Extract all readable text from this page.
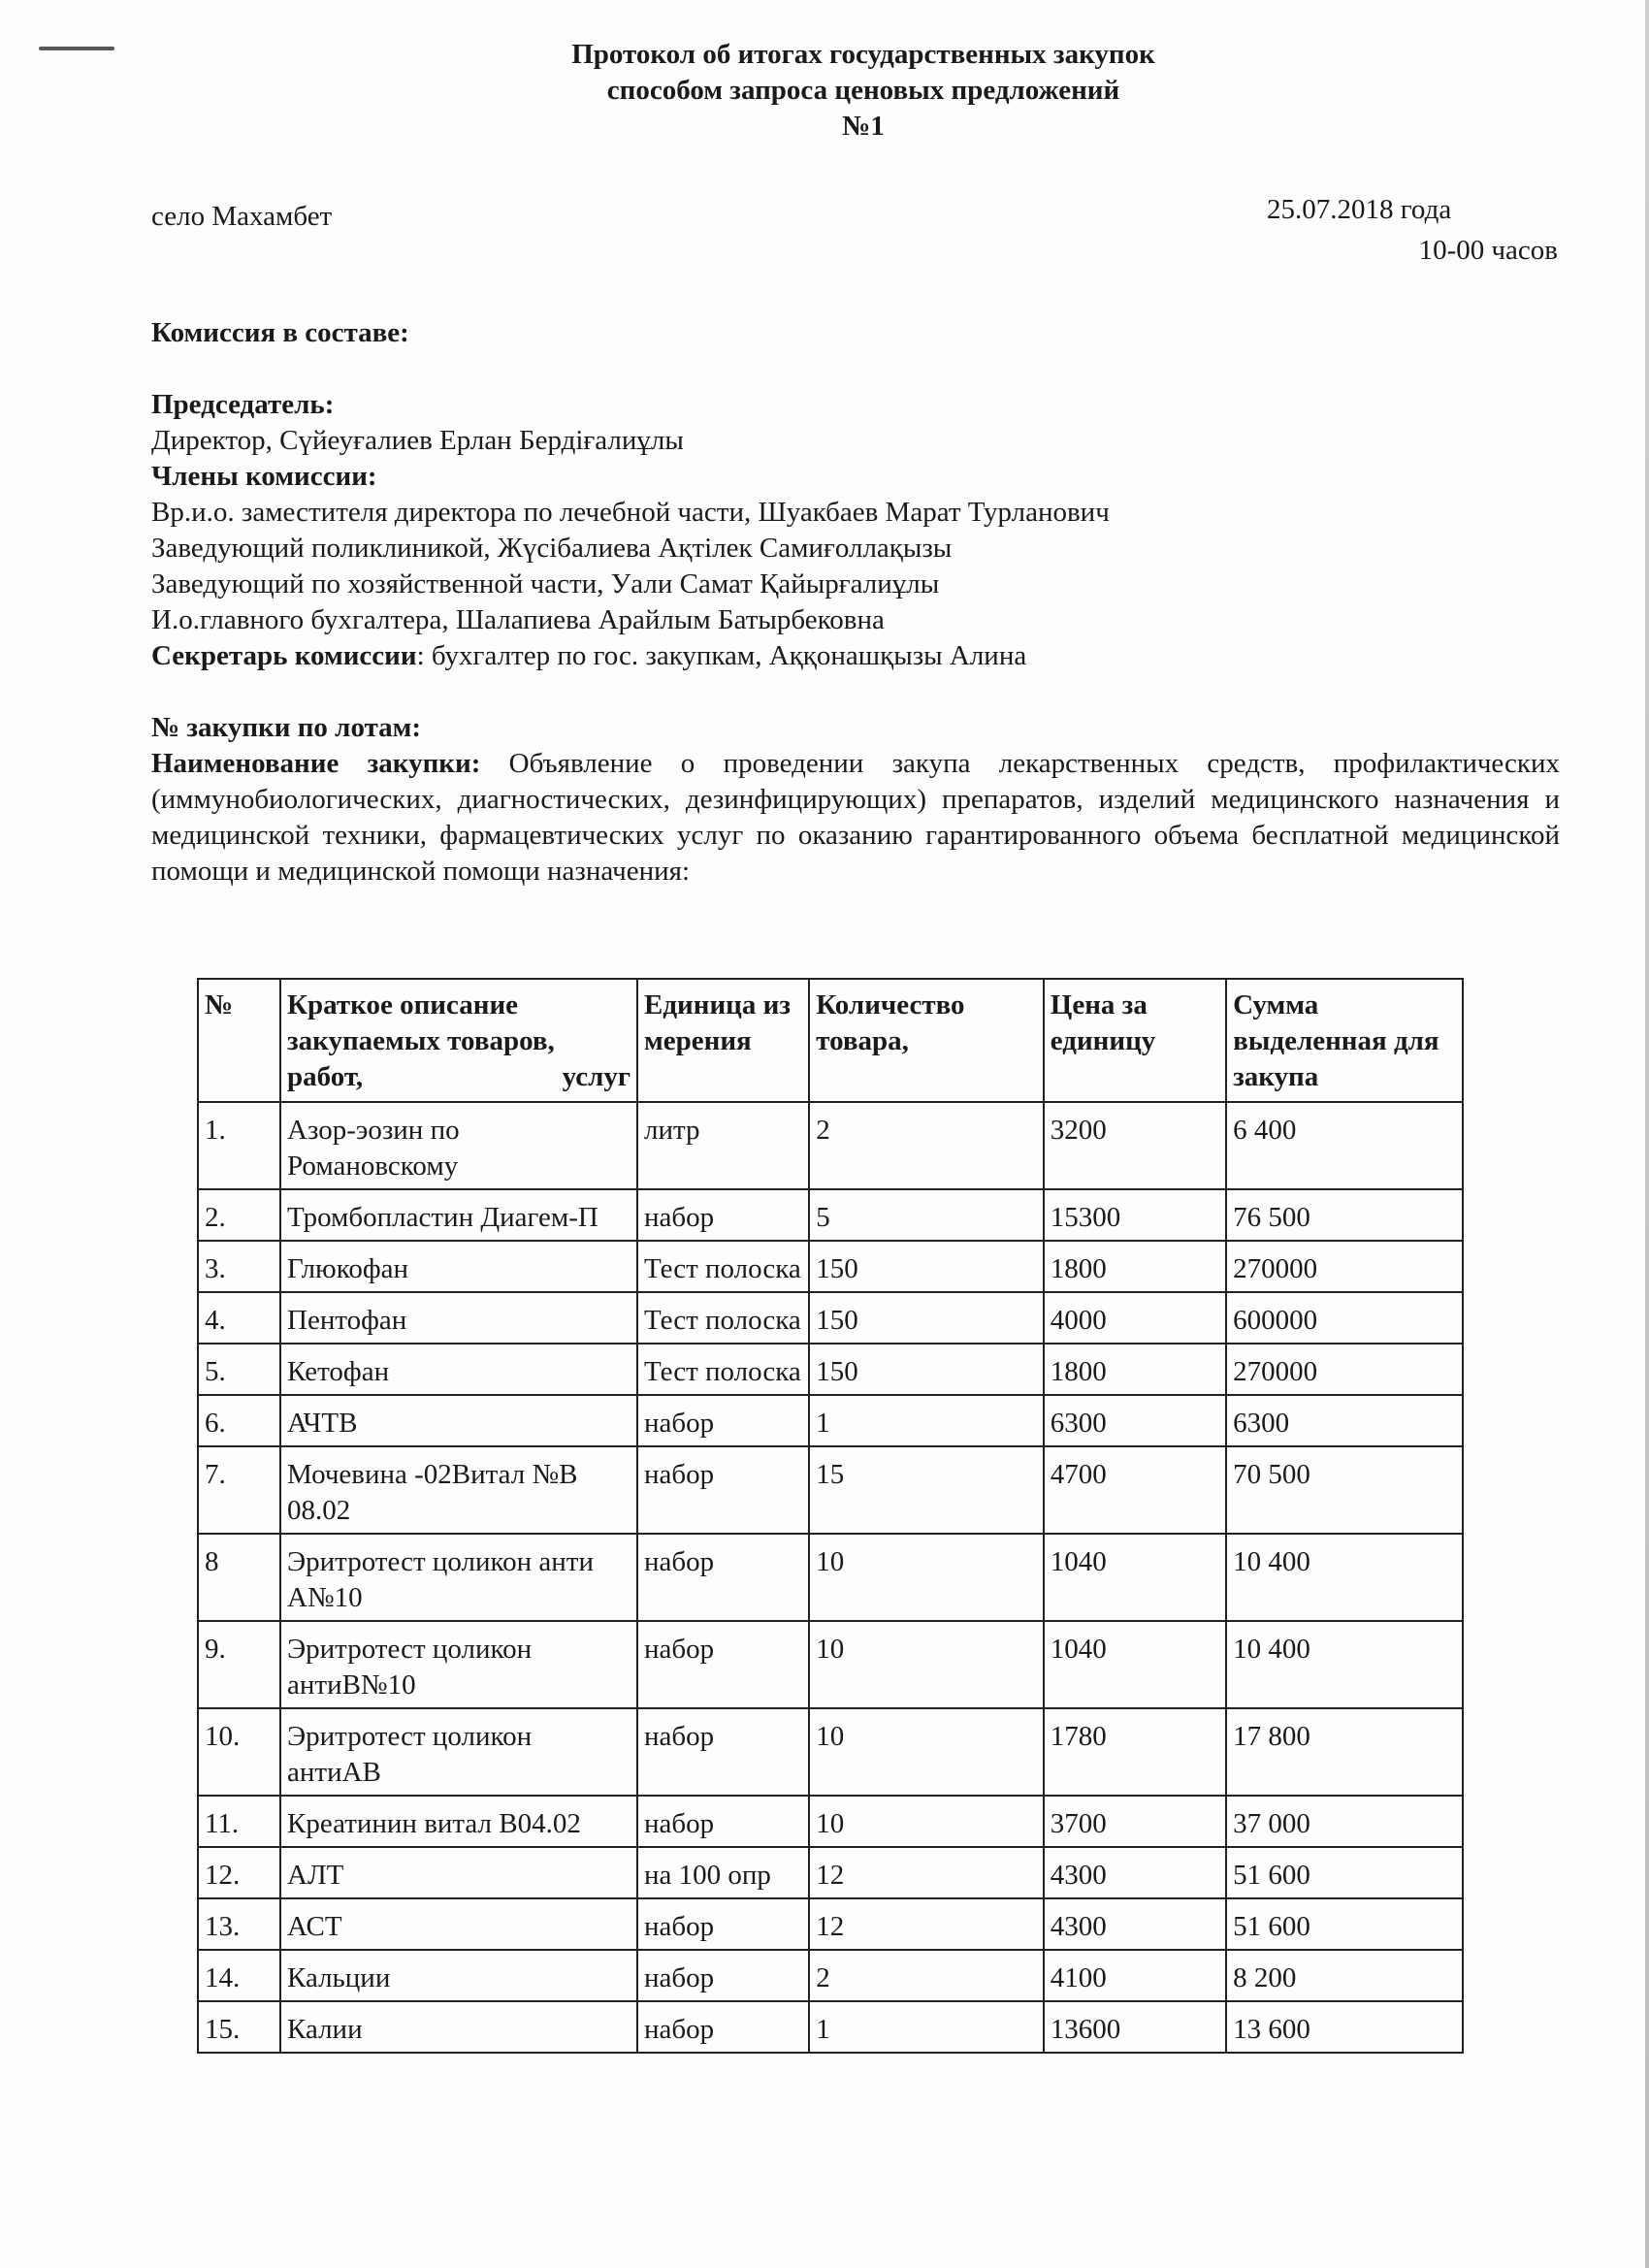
Протокол об итогах государственных закупок
способом запроса ценовых предложений
№1
село Махамбет	25.07.2018 года
10-00 часов
Комиссия в составе:
Председатель:
Директор, Сүйеуғалиев Ерлан Бердіғалиұлы
Члены комиссии:
Вр.и.о. заместителя директора по лечебной части, Шуакбаев Марат Турланович
Заведующий поликлиникой, Жүсібалиева Ақтілек Самиғоллақызы
Заведующий по хозяйственной части, Уали Самат Қайырғалиұлы
И.о.главного бухгалтера, Шалапиева Арайлым Батырбековна
Секретарь комиссии: бухгалтер по гос. закупкам, Аққонашқызы Алина
№ закупки по лотам:
Наименование закупки: Объявление о проведении закупа лекарственных средств, профилактических (иммунобиологических, диагностических, дезинфицирующих) препаратов, изделий медицинского назначения и медицинской техники, фармацевтических услуг по оказанию гарантированного объема бесплатной медицинской помощи и медицинской помощи назначения:
№	Краткое описание закупаемых товаров, работ, услуг	Единица измерения	Количество товара,	Цена за единицу	Сумма выделенная для закупа
1.	Азор-эозин по Романовскому	литр	2	3200	6 400
2.	Тромбопластин Диагем-П	набор	5	15300	76 500
3.	Глюкофан	Тест полоска	150	1800	270000
4.	Пентофан	Тест полоска	150	4000	600000
5.	Кетофан	Тест полоска	150	1800	270000
6.	АЧТВ	набор	1	6300	6300
7.	Мочевина -02Витал №В 08.02	набор	15	4700	70 500
8	Эритротест цоликон анти А№10	набор	10	1040	10 400
9.	Эритротест цоликон антиВ№10	набор	10	1040	10 400
10.	Эритротест цоликон антиАВ	набор	10	1780	17 800
11.	Креатинин витал В04.02	набор	10	3700	37 000
12.	АЛТ	на 100 опр	12	4300	51 600
13.	АСТ	набор	12	4300	51 600
14.	Кальции	набор	2	4100	8 200
15.	Калии	набор	1	13600	13 600
